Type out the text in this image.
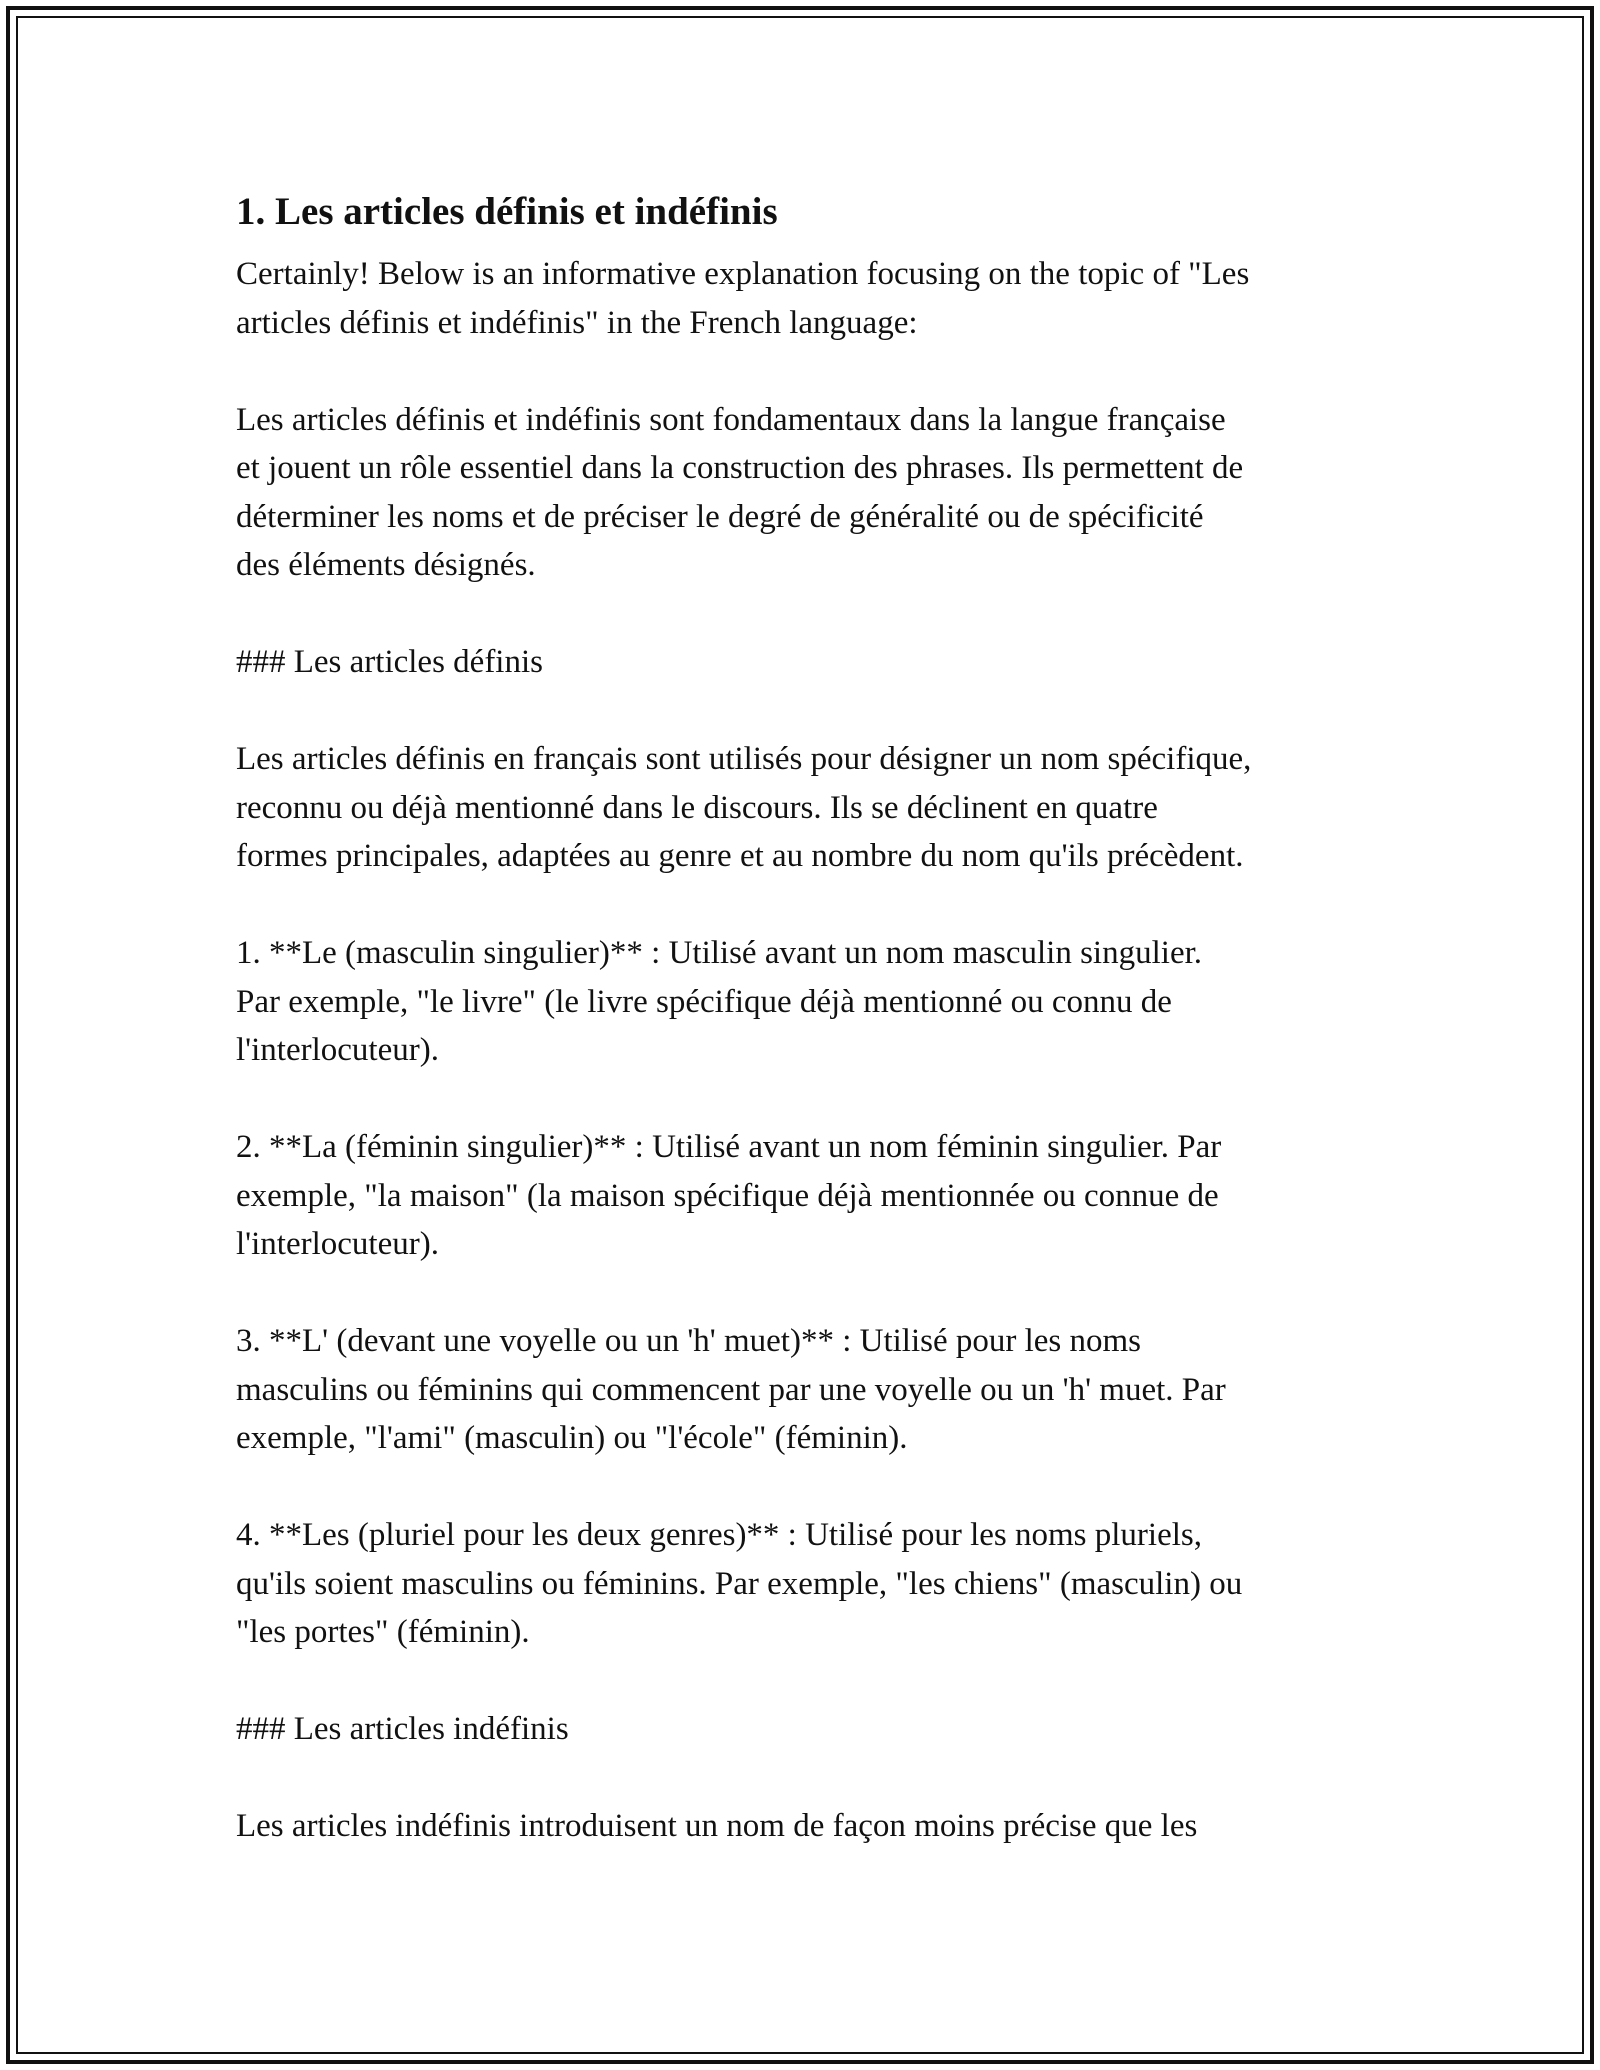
1. Les articles définis et indéfinis

Certainly! Below is an informative explanation focusing on the topic of "Les
articles définis et indéfinis" in the French language:

Les articles définis et indéfinis sont fondamentaux dans la langue française
et jouent un rôle essentiel dans la construction des phrases. Ils permettent de
déterminer les noms et de préciser le degré de généralité ou de spécificité
des éléments désignés.

### Les articles définis

Les articles définis en français sont utilisés pour désigner un nom spécifique,
reconnu ou déjà mentionné dans le discours. Ils se déclinent en quatre
formes principales, adaptées au genre et au nombre du nom qu'ils précèdent.

1. **Le (masculin singulier)** : Utilisé avant un nom masculin singulier.
Par exemple, "le livre" (le livre spécifique déjà mentionné ou connu de
l'interlocuteur).

2. **La (féminin singulier)** : Utilisé avant un nom féminin singulier. Par
exemple, "la maison" (la maison spécifique déjà mentionnée ou connue de
l'interlocuteur).

3. **L' (devant une voyelle ou un 'h' muet)** : Utilisé pour les noms
masculins ou féminins qui commencent par une voyelle ou un 'h' muet. Par
exemple, "l'ami" (masculin) ou "l'école" (féminin).

4. **Les (pluriel pour les deux genres)** : Utilisé pour les noms pluriels,
qu'ils soient masculins ou féminins. Par exemple, "les chiens" (masculin) ou
"les portes" (féminin).

### Les articles indéfinis

Les articles indéfinis introduisent un nom de façon moins précise que les
